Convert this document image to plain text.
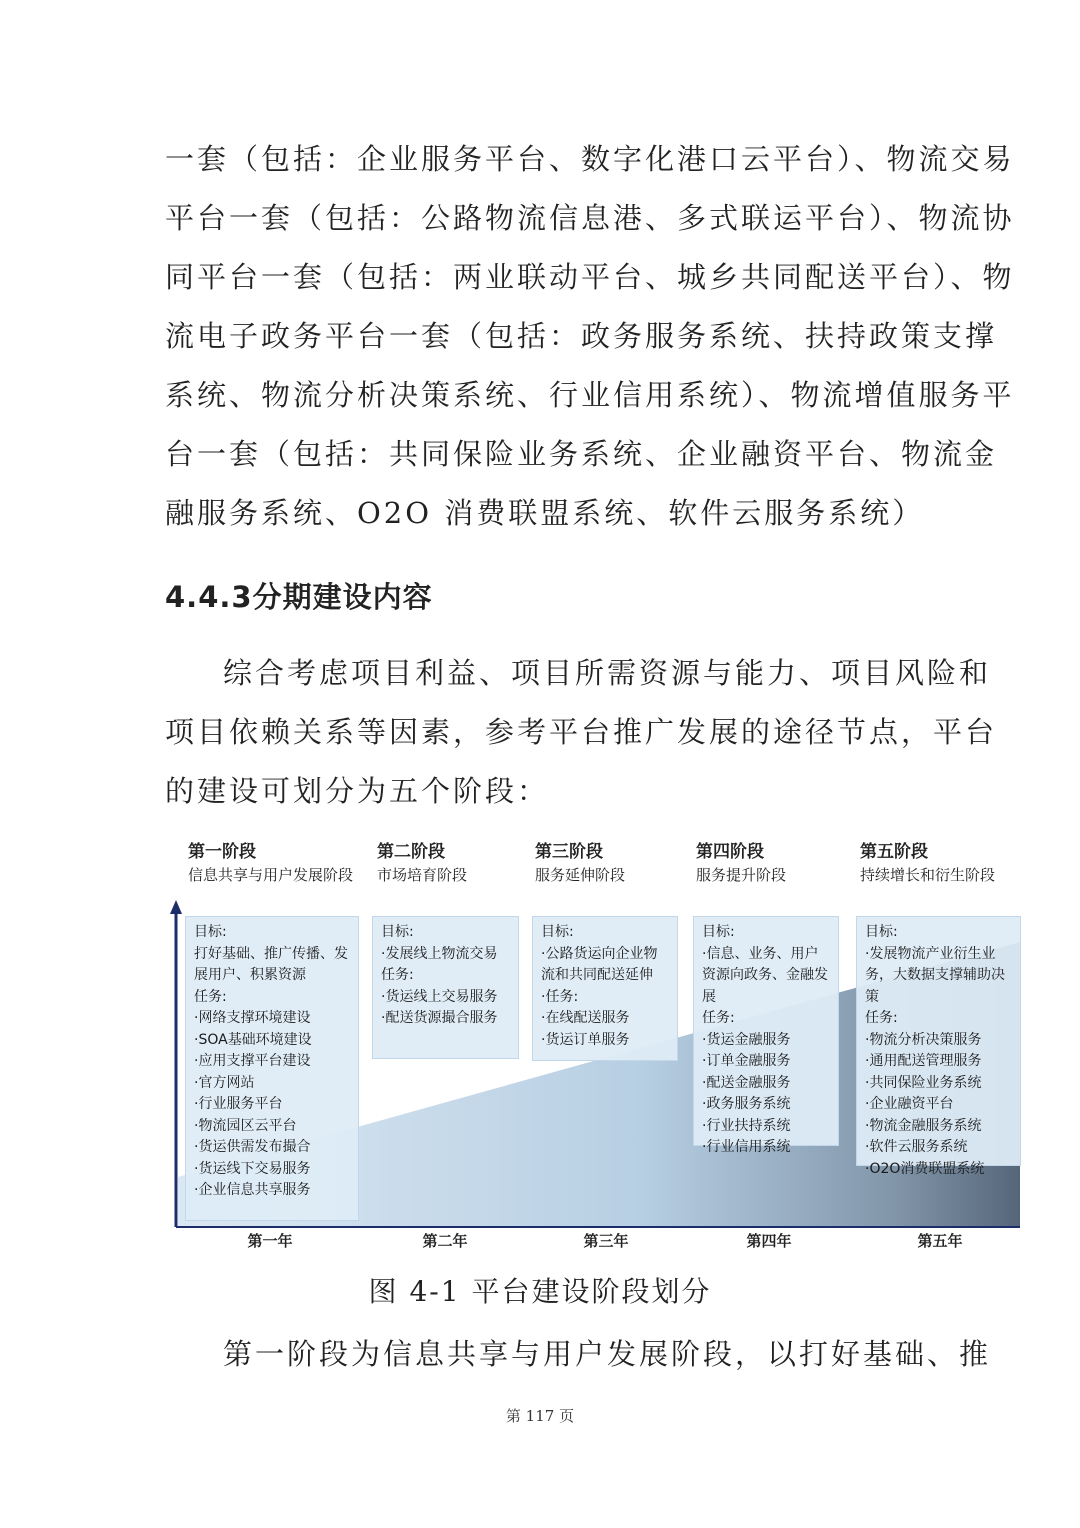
一套（包括：企业服务平台、数字化港口云平台）、物流交易
平台一套（包括：公路物流信息港、多式联运平台）、物流协
同平台一套（包括：两业联动平台、城乡共同配送平台）、物
流电子政务平台一套（包括：政务服务系统、扶持政策支撑
系统、物流分析决策系统、行业信用系统）、物流增值服务平
台一套（包括：共同保险业务系统、企业融资平台、物流金
融服务系统、O2O 消费联盟系统、软件云服务系统）
4.4.3分期建设内容
综合考虑项目利益、项目所需资源与能力、项目风险和
项目依赖关系等因素，参考平台推广发展的途径节点，平台
的建设可划分为五个阶段：
第一阶段
信息共享与用户发展阶段
第二阶段
市场培育阶段
第三阶段
服务延伸阶段
第四阶段
服务提升阶段
第五阶段
持续增长和衍生阶段
目标:
打好基础、推广传播、发展用户、积累资源
任务:
·网络支撑环境建设
·SOA基础环境建设
·应用支撑平台建设
·官方网站
·行业服务平台
·物流园区云平台
·货运供需发布撮合
·货运线下交易服务
·企业信息共享服务
目标:
·发展线上物流交易
任务:
·货运线上交易服务
·配送货源撮合服务
目标:
·公路货运向企业物流和共同配送延伸
·任务:
·在线配送服务
·货运订单服务
目标:
·信息、业务、用户资源向政务、金融发展
任务:
·货运金融服务
·订单金融服务
·配送金融服务
·政务服务系统
·行业扶持系统
·行业信用系统
目标:
·发展物流产业衍生业务，大数据支撑辅助决策
任务:
·物流分析决策服务
·通用配送管理服务
·共同保险业务系统
·企业融资平台
·物流金融服务系统
·软件云服务系统
·O2O消费联盟系统
第一年	第二年	第三年	第四年	第五年

图 4-1 平台建设阶段划分

第一阶段为信息共享与用户发展阶段，以打好基础、推

第 117 页
